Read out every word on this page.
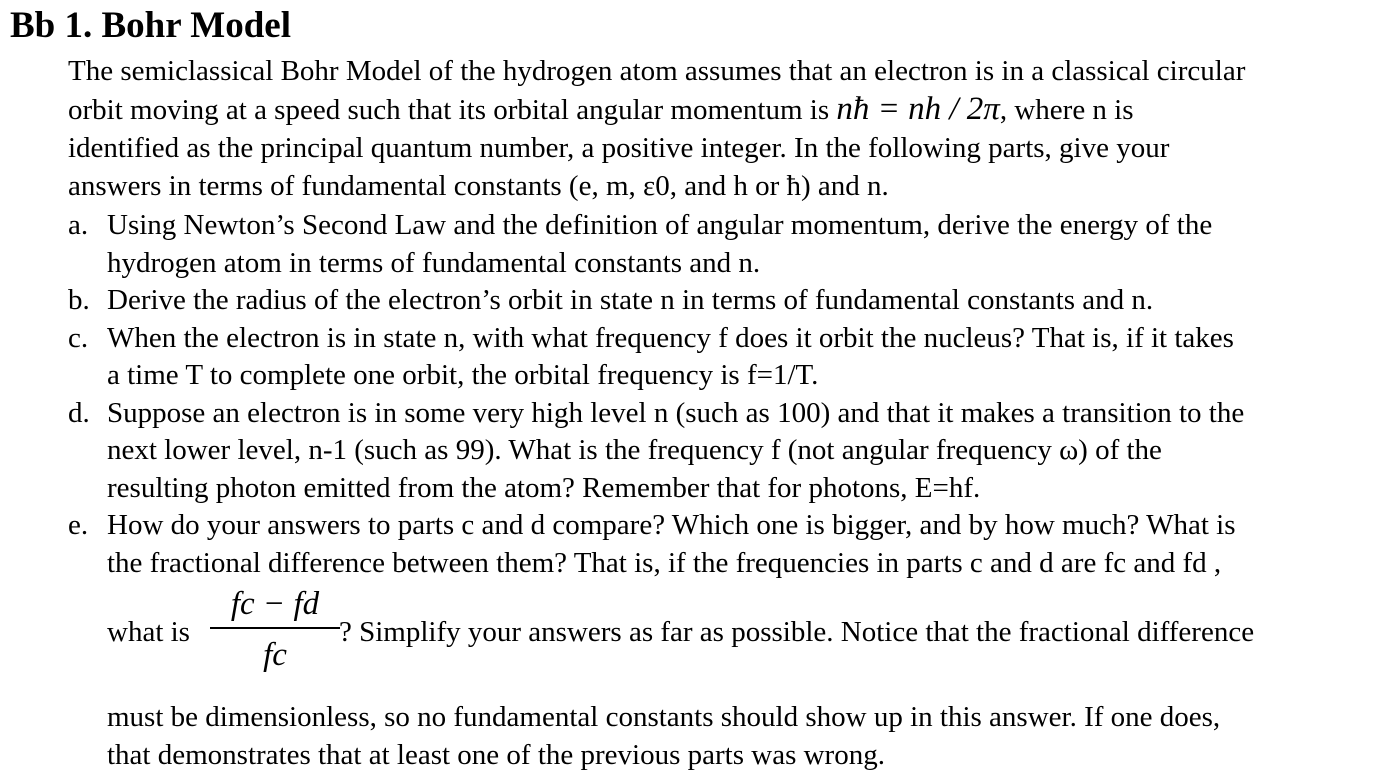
Bb 1. Bohr Model
The semiclassical Bohr Model of the hydrogen atom assumes that an electron is in a classical circular
orbit moving at a speed such that its orbital angular momentum is nħ = nh / 2π, where n is
identified as the principal quantum number, a positive integer. In the following parts, give your
answers in terms of fundamental constants (e, m, ε0, and h or ħ) and n.
a. Using Newton’s Second Law and the definition of angular momentum, derive the energy of the
hydrogen atom in terms of fundamental constants and n.
b. Derive the radius of the electron’s orbit in state n in terms of fundamental constants and n.
c. When the electron is in state n, with what frequency f does it orbit the nucleus? That is, if it takes
a time T to complete one orbit, the orbital frequency is f=1/T.
d. Suppose an electron is in some very high level n (such as 100) and that it makes a transition to the
next lower level, n-1 (such as 99). What is the frequency f (not angular frequency ω) of the
resulting photon emitted from the atom? Remember that for photons, E=hf.
e. How do your answers to parts c and d compare? Which one is bigger, and by how much? What is
the fractional difference between them? That is, if the frequencies in parts c and d are fc and fd ,
what is
fc − fd
fc
? Simplify your answers as far as possible. Notice that the fractional difference
must be dimensionless, so no fundamental constants should show up in this answer. If one does,
that demonstrates that at least one of the previous parts was wrong.
